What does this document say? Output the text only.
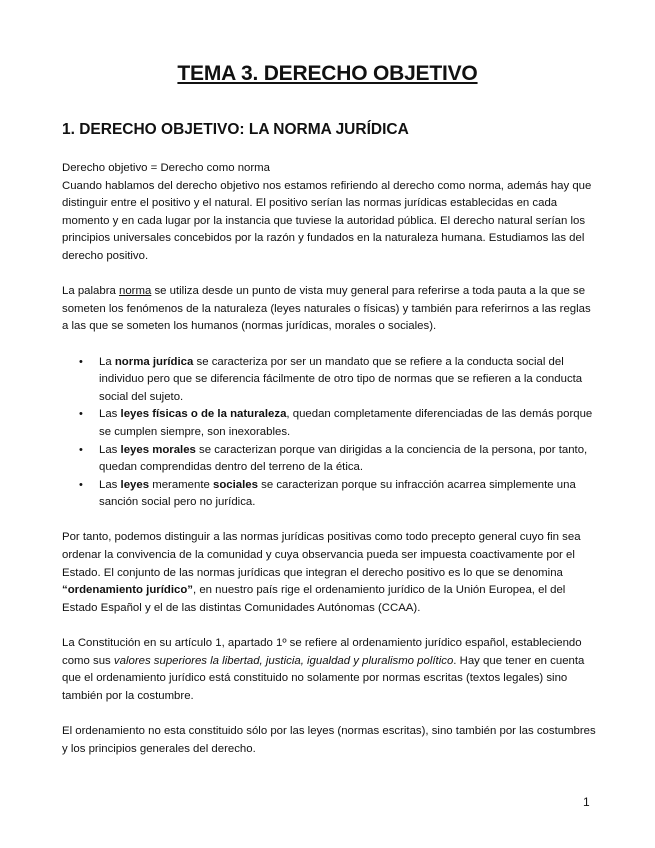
TEMA 3. DERECHO OBJETIVO
1. DERECHO OBJETIVO: LA NORMA JURÍDICA

Derecho objetivo = Derecho como norma

Cuando hablamos del derecho objetivo nos estamos refiriendo al derecho como norma, además hay que distinguir entre el positivo y el natural. El positivo serían las normas jurídicas establecidas en cada momento y en cada lugar por la instancia que tuviese la autoridad pública. El derecho natural serían los principios universales concebidos por la razón y fundados en la naturaleza humana. Estudiamos las del derecho positivo.

La palabra norma se utiliza desde un punto de vista muy general para referirse a toda pauta a la que se someten los fenómenos de la naturaleza (leyes naturales o físicas) y también para referirnos a las reglas a las que se someten los humanos (normas jurídicas, morales o sociales).

• La norma jurídica se caracteriza por ser un mandato que se refiere a la conducta social del individuo pero que se diferencia fácilmente de otro tipo de normas que se refieren a la conducta social del sujeto.
• Las leyes físicas o de la naturaleza, quedan completamente diferenciadas de las demás porque se cumplen siempre, son inexorables.
• Las leyes morales se caracterizan porque van dirigidas a la conciencia de la persona, por tanto, quedan comprendidas dentro del terreno de la ética.
• Las leyes meramente sociales se caracterizan porque su infracción acarrea simplemente una sanción social pero no jurídica.

Por tanto, podemos distinguir a las normas jurídicas positivas como todo precepto general cuyo fin sea ordenar la convivencia de la comunidad y cuya observancia pueda ser impuesta coactivamente por el Estado. El conjunto de las normas jurídicas que integran el derecho positivo es lo que se denomina “ordenamiento jurídico”, en nuestro país rige el ordenamiento jurídico de la Unión Europea, el del Estado Español y el de las distintas Comunidades Autónomas (CCAA).

La Constitución en su artículo 1, apartado 1º se refiere al ordenamiento jurídico español, estableciendo como sus valores superiores la libertad, justicia, igualdad y pluralismo político. Hay que tener en cuenta que el ordenamiento jurídico está constituido no solamente por normas escritas (textos legales) sino también por la costumbre.

El ordenamiento no esta constituido sólo por las leyes (normas escritas), sino también por las costumbres y los principios generales del derecho.

1
